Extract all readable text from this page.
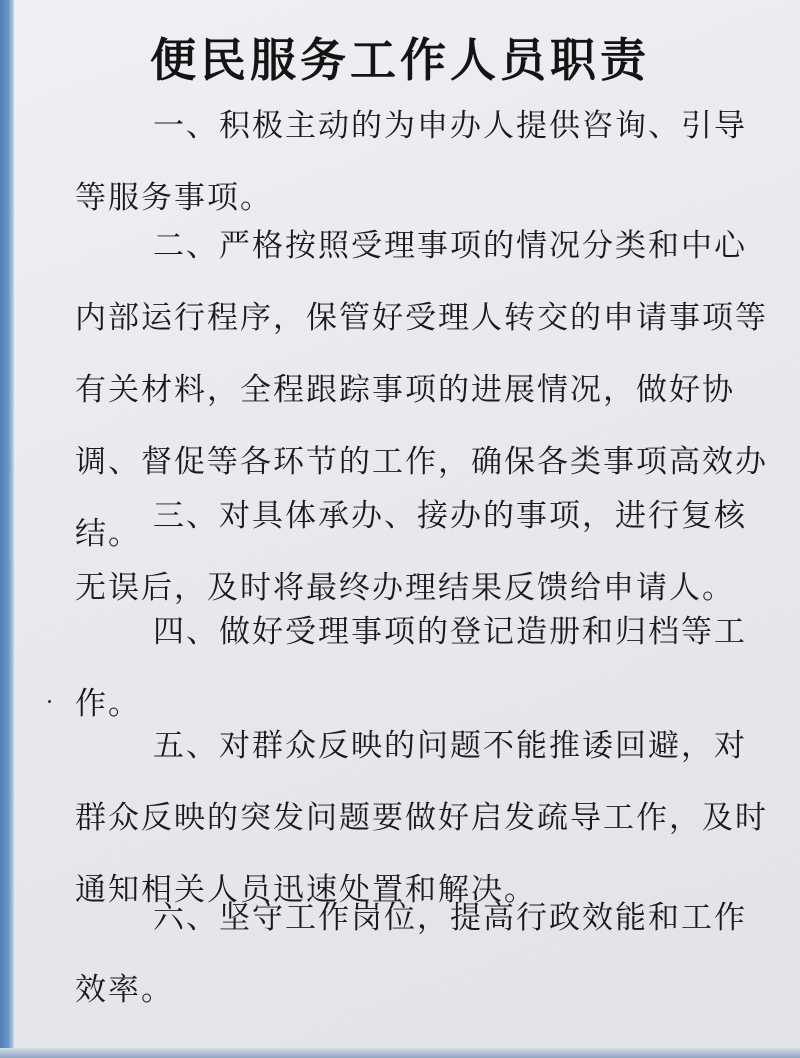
便民服务工作人员职责
一、积极主动的为申办人提供咨询、引导等服务事项。
二、严格按照受理事项的情况分类和中心内部运行程序，保管好受理人转交的申请事项等有关材料，全程跟踪事项的进展情况，做好协调、督促等各环节的工作，确保各类事项高效办结。 三、对具体承办、接办的事项，进行复核无误后，及时将最终办理结果反馈给申请人。
四、做好受理事项的登记造册和归档等工作。
五、对群众反映的问题不能推诿回避，对群众反映的突发问题要做好启发疏导工作，及时通知相关人员迅速处置和解决。
六、坚守工作岗位，提高行政效能和工作效率。
